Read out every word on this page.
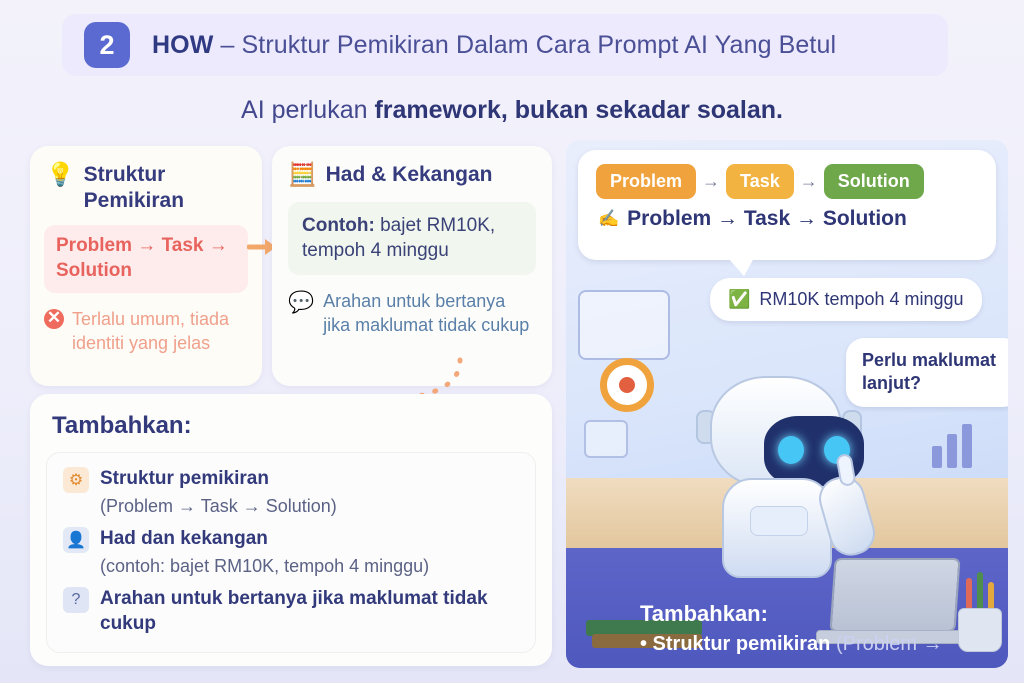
2	HOW – Struktur Pemikiran Dalam Cara Prompt AI Yang Betul
AI perlukan framework, bukan sekadar soalan.
💡 Struktur Pemikiran
Problem → Task → Solution
✕ Terlalu umum, tiada identiti yang jelas
🧮 Had & Kekangan
Contoh: bajet RM10K, tempoh 4 minggu
💬 Arahan untuk bertanya jika maklumat tidak cukup
Tambahkan:
⚙ Struktur pemikiran
(Problem → Task → Solution)
👤 Had dan kekangan
(contoh: bajet RM10K, tempoh 4 minggu)
?	Arahan untuk bertanya jika maklumat tidak cukup
Problem	→	Task	→	Solution
✍ Problem → Task → Solution
✅ RM10K tempoh 4 minggu
Perlu maklumat lanjut?
Tambahkan:
• Struktur pemikiran (Problem →
